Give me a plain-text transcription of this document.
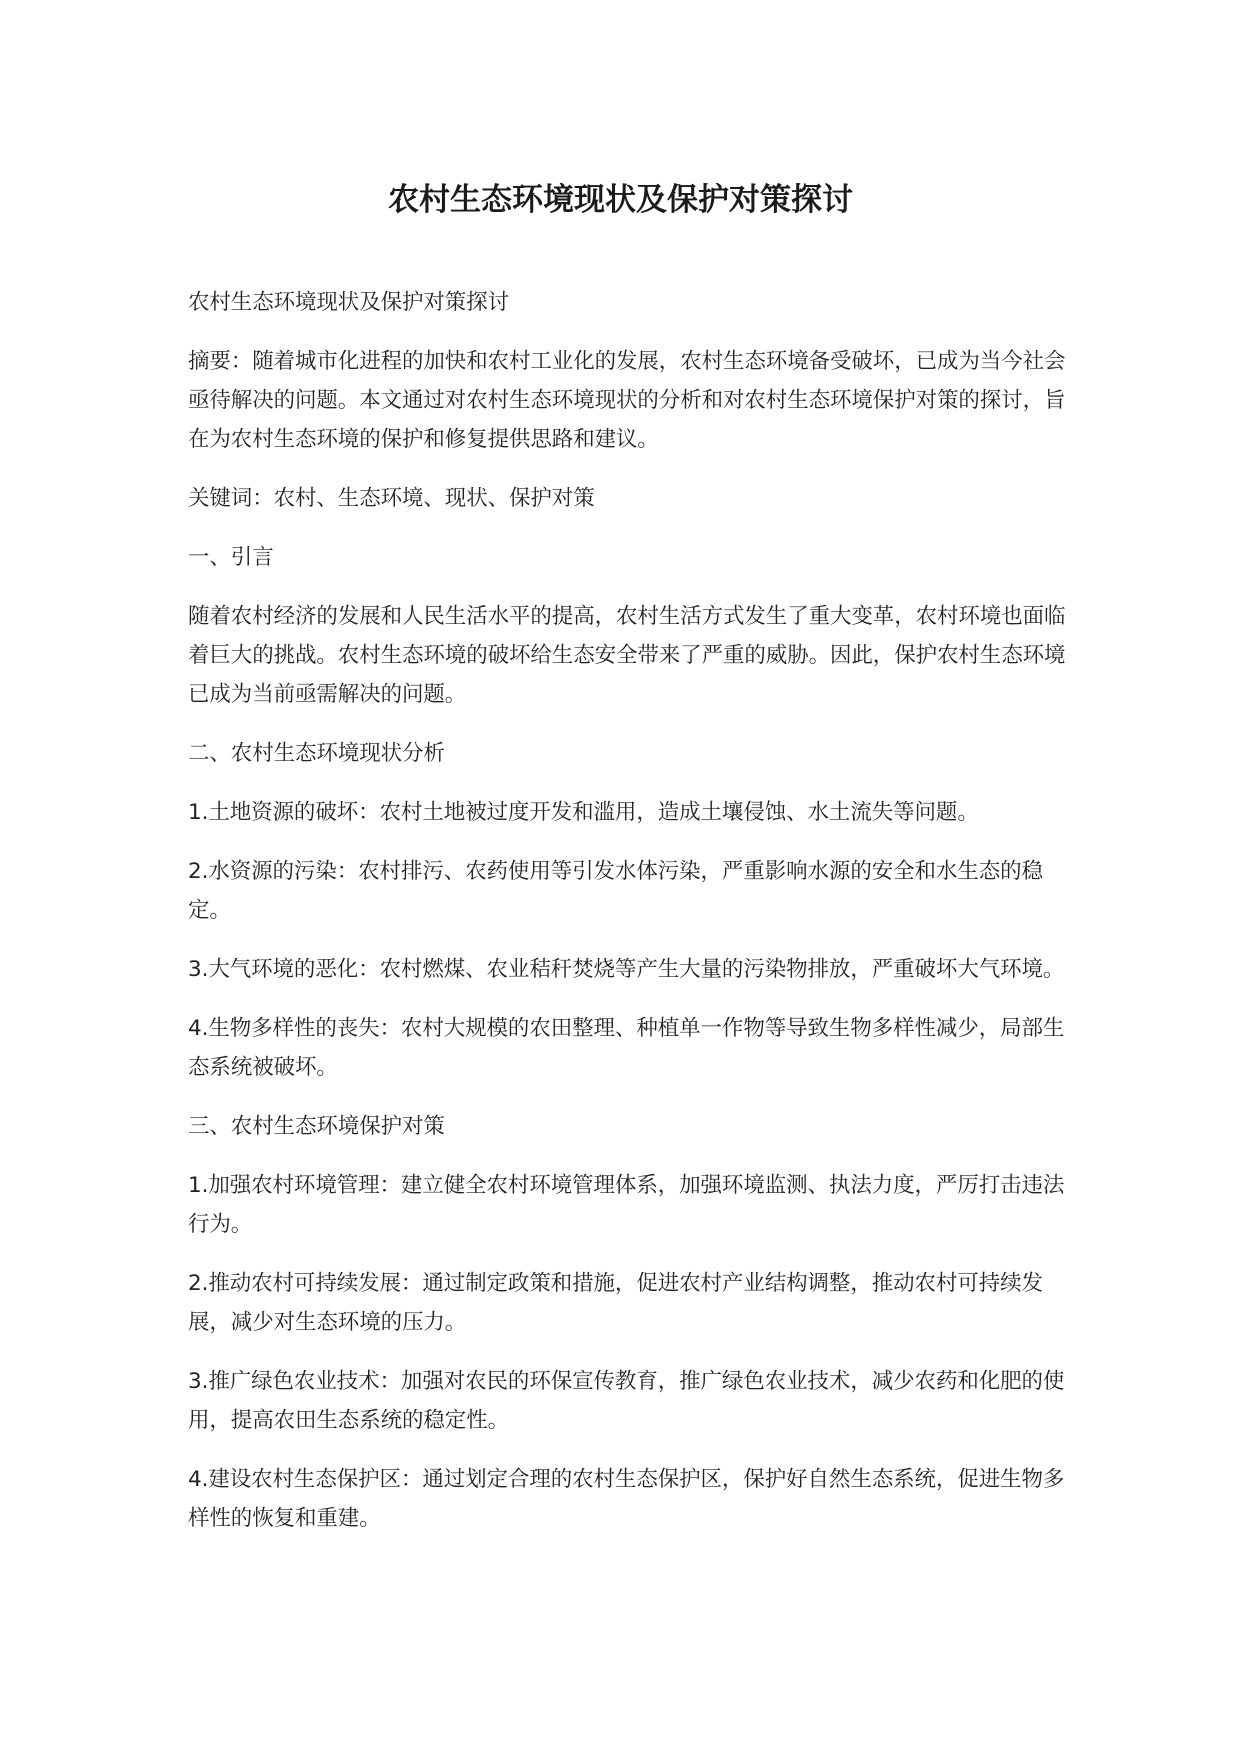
农村生态环境现状及保护对策探讨

农村生态环境现状及保护对策探讨

摘要：随着城市化进程的加快和农村工业化的发展，农村生态环境备受破坏，已成为当今社会亟待解决的问题。本文通过对农村生态环境现状的分析和对农村生态环境保护对策的探讨，旨在为农村生态环境的保护和修复提供思路和建议。

关键词：农村、生态环境、现状、保护对策

一、引言

随着农村经济的发展和人民生活水平的提高，农村生活方式发生了重大变革，农村环境也面临着巨大的挑战。农村生态环境的破坏给生态安全带来了严重的威胁。因此，保护农村生态环境已成为当前亟需解决的问题。

二、农村生态环境现状分析

1.土地资源的破坏：农村土地被过度开发和滥用，造成土壤侵蚀、水土流失等问题。

2.水资源的污染：农村排污、农药使用等引发水体污染，严重影响水源的安全和水生态的稳定。

3.大气环境的恶化：农村燃煤、农业秸秆焚烧等产生大量的污染物排放，严重破坏大气环境。

4.生物多样性的丧失：农村大规模的农田整理、种植单一作物等导致生物多样性减少，局部生态系统被破坏。

三、农村生态环境保护对策

1.加强农村环境管理：建立健全农村环境管理体系，加强环境监测、执法力度，严厉打击违法行为。

2.推动农村可持续发展：通过制定政策和措施，促进农村产业结构调整，推动农村可持续发展，减少对生态环境的压力。

3.推广绿色农业技术：加强对农民的环保宣传教育，推广绿色农业技术，减少农药和化肥的使用，提高农田生态系统的稳定性。

4.建设农村生态保护区：通过划定合理的农村生态保护区，保护好自然生态系统，促进生物多样性的恢复和重建。
